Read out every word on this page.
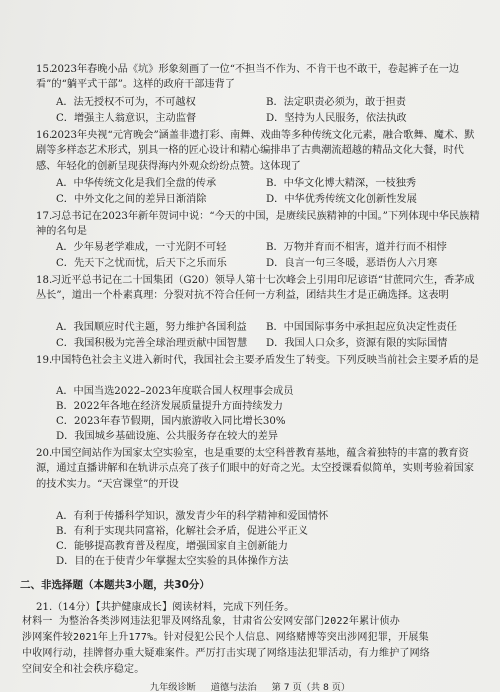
15.2023年春晚小品《坑》形象刻画了一位“不担当不作为、不肯干也不敢干，卷起裤子在一边看”的“躺平式干部”。这样的政府干部违背了
A．法无授权不可为，不可越权	B．法定职责必须为，敢于担责
C．增强主人翁意识，主动监督	D．坚持为人民服务，依法执政
16.2023年央视“元宵晚会”涵盖非遗打彩、南舞、戏曲等多种传统文化元素，融合歌舞、魔术、默剧等多样态艺术形式，别具一格的匠心设计和精心编排串了古典潮流超越的精品文化大餐，时代感、年轻化的创新呈现获得海内外观众纷纷点赞。这体现了
A．中华传统文化是我们全盘的传承	B．中华文化博大精深，一枝独秀
C．中外文化之间的差异日渐消除	D．中华优秀传统文化创新性发展
17.习总书记在2023年新年贺词中说：“今天的中国，是赓续民族精神的中国。”下列体现中华民族精神的名句是
A．少年易老学难成，一寸光阴不可轻	B．万物并育而不相害，道并行而不相悖
C．先天下之忧而忧，后天下之乐而乐	D．良言一句三冬暖，恶语伤人六月寒
18.习近平总书记在二十国集团（G20）领导人第十七次峰会上引用印尼谚语“甘蔗同穴生，香茅成丛长”，道出一个朴素真理：分裂对抗不符合任何一方利益，团结共生才是正确选择。这表明
A．我国顺应时代主题，努力维护各国利益 B．中国国际事务中承担起应负决定性责任
C．我国积极为完善全球治理贡献中国智慧 D．我国人口众多，资源有限的实际国情
19.中国特色社会主义进入新时代，我国社会主要矛盾发生了转变。下列反映当前社会主要矛盾的是
A．中国当选2022–2023年度联合国人权理事会成员
B．2022年各地在经济发展质量提升方面持续发力
C．2023年春节假期，国内旅游收入同比增长30%
D．我国城乡基础设施、公共服务存在较大的差异
20.中国空间站作为国家太空实验室，也是重要的太空科普教育基地，蕴含着独特的丰富的教育资源，通过直播讲解和在轨讲示点亮了孩子们眼中的好奇之光。太空授课看似简单，实则考验着国家的技术实力。“天宫课堂”的开设
A．有利于传播科学知识，激发青少年的科学精神和爱国情怀
B．有利于实现共同富裕，化解社会矛盾，促进公平正义
C．能够提高教育普及程度，增强国家自主创新能力
D．目的在于使青少年掌握太空实验的具体操作方法
二、非选择题（本题共3小题，共30分）
21.（14分）【共护健康成长】阅读材料，完成下列任务。
材料一 为整治各类涉网违法犯罪及网络乱象，甘肃省公安网安部门2022年累计侦办
涉网案件较2021年上升177%。针对侵犯公民个人信息、网络赌博等突出涉网犯罪，开展集
中收网行动，挂牌督办重大疑难案件。严厉打击实现了网络违法犯罪活动，有力维护了网络
空间安全和社会秩序稳定。
九年级诊断 道德与法治 第 7 页（共 8 页）
